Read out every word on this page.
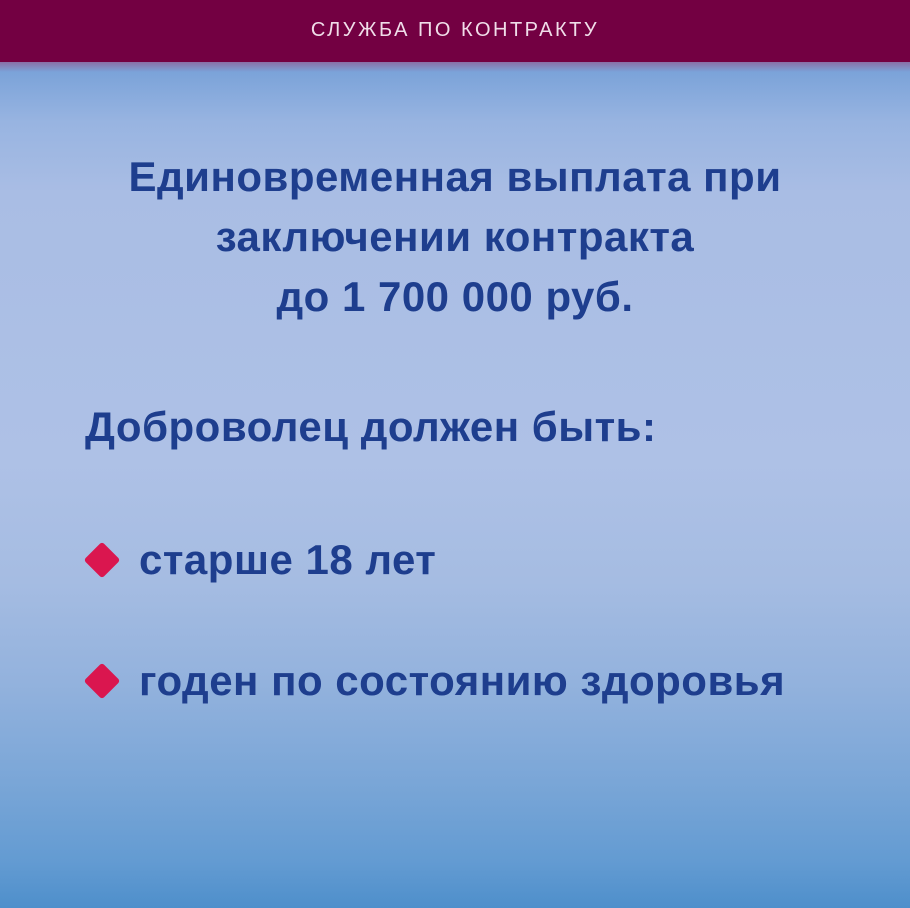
СЛУЖБА ПО КОНТРАКТУ
Единовременная выплата при
заключении контракта
до 1 700 000 руб.
Доброволец должен быть:
старше 18 лет
годен по состоянию здоровья
